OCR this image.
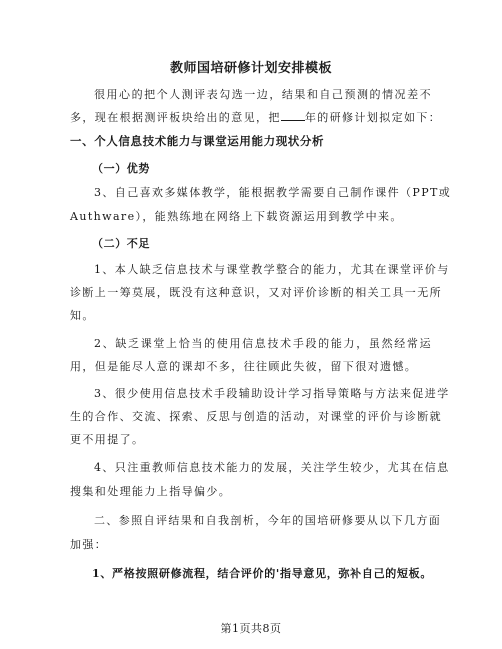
教师国培研修计划安排模板
很用心的把个人测评表勾选一边，结果和自己预测的情况差不
多，现在根据测评板块给出的意见，把 年的研修计划拟定如下：
一、个人信息技术能力与课堂运用能力现状分析
（一）优势
3、自己喜欢多媒体教学，能根据教学需要自己制作课件（PPT或
Authware），能熟练地在网络上下载资源运用到教学中来。
（二）不足
1、本人缺乏信息技术与课堂教学整合的能力，尤其在课堂评价与
诊断上一筹莫展，既没有这种意识，又对评价诊断的相关工具一无所
知。
2、缺乏课堂上恰当的使用信息技术手段的能力，虽然经常运
用，但是能尽人意的课却不多，往往顾此失彼，留下很对遗憾。
3、很少使用信息技术手段辅助设计学习指导策略与方法来促进学
生的合作、交流、探索、反思与创造的活动，对课堂的评价与诊断就
更不用提了。
4、只注重教师信息技术能力的发展，关注学生较少，尤其在信息
搜集和处理能力上指导偏少。
二、参照自评结果和自我剖析，今年的国培研修要从以下几方面
加强：
1、严格按照研修流程，结合评价的'指导意见，弥补自己的短板。
第1页共8页
